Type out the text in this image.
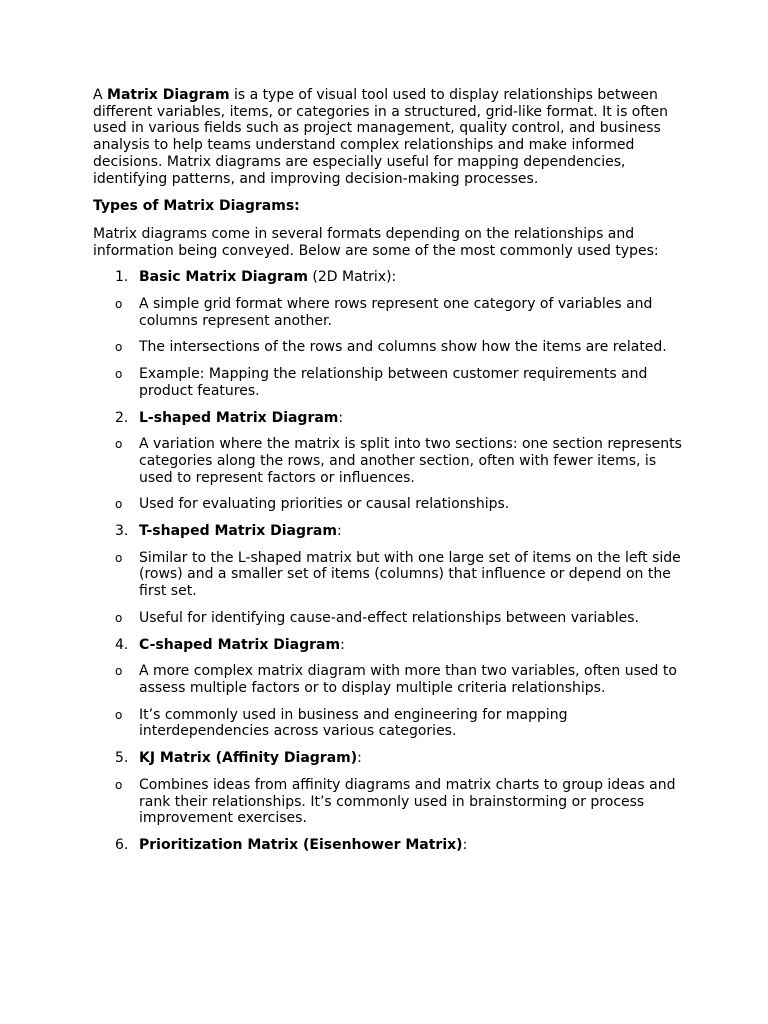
A Matrix Diagram is a type of visual tool used to display relationships between different variables, items, or categories in a structured, grid-like format. It is often used in various fields such as project management, quality control, and business analysis to help teams understand complex relationships and make informed decisions. Matrix diagrams are especially useful for mapping dependencies, identifying patterns, and improving decision-making processes.

Types of Matrix Diagrams:

Matrix diagrams come in several formats depending on the relationships and information being conveyed. Below are some of the most commonly used types:

1. Basic Matrix Diagram (2D Matrix):
o A simple grid format where rows represent one category of variables and columns represent another.
o The intersections of the rows and columns show how the items are related.
o Example: Mapping the relationship between customer requirements and product features.
2. L-shaped Matrix Diagram:
o A variation where the matrix is split into two sections: one section represents categories along the rows, and another section, often with fewer items, is used to represent factors or influences.
o Used for evaluating priorities or causal relationships.
3. T-shaped Matrix Diagram:
o Similar to the L-shaped matrix but with one large set of items on the left side (rows) and a smaller set of items (columns) that influence or depend on the first set.
o Useful for identifying cause-and-effect relationships between variables.
4. C-shaped Matrix Diagram:
o A more complex matrix diagram with more than two variables, often used to assess multiple factors or to display multiple criteria relationships.
o It’s commonly used in business and engineering for mapping interdependencies across various categories.
5. KJ Matrix (Affinity Diagram):
o Combines ideas from affinity diagrams and matrix charts to group ideas and rank their relationships. It’s commonly used in brainstorming or process improvement exercises.
6. Prioritization Matrix (Eisenhower Matrix):
